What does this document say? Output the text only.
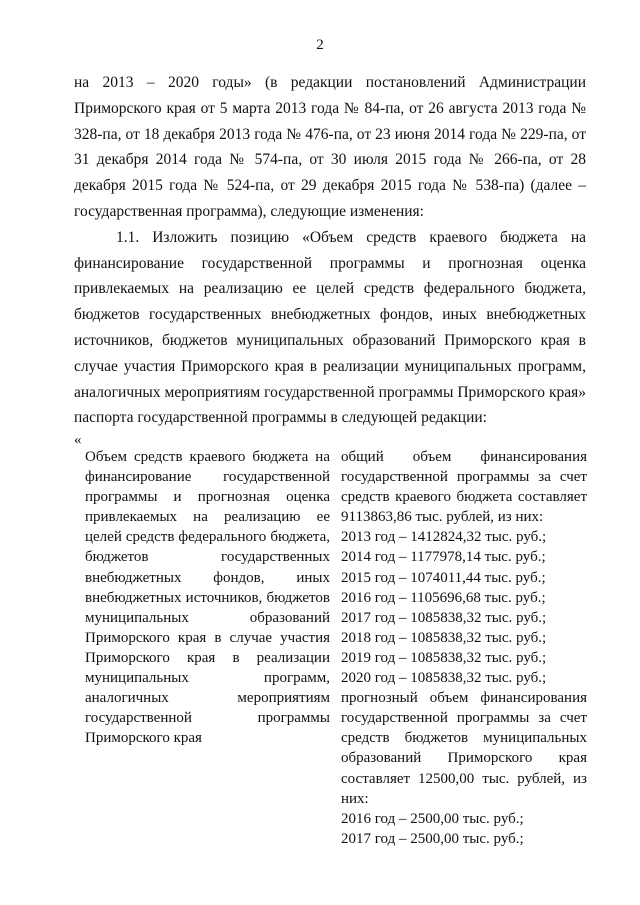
2

на 2013 – 2020 годы» (в редакции постановлений Администрации Приморского края от 5 марта 2013 года № 84-па, от 26 августа 2013 года № 328-па, от 18 декабря 2013 года № 476-па, от 23 июня 2014 года № 229-па, от 31 декабря 2014 года № 574-па, от 30 июля 2015 года № 266-па, от 28 декабря 2015 года № 524-па, от 29 декабря 2015 года № 538-па) (далее – государственная программа), следующие изменения:

1.1. Изложить позицию «Объем средств краевого бюджета на финансирование государственной программы и прогнозная оценка привлекаемых на реализацию ее целей средств федерального бюджета, бюджетов государственных внебюджетных фондов, иных внебюджетных источников, бюджетов муниципальных образований Приморского края в случае участия Приморского края в реализации муниципальных программ, аналогичных мероприятиям государственной программы Приморского края» паспорта государственной программы в следующей редакции:

«
Объем средств краевого бюджета на финансирование государственной программы и прогнозная оценка привлекаемых на реализацию ее целей средств федерального бюджета, бюджетов государственных внебюджетных фондов, иных внебюджетных источников, бюджетов муниципальных образований Приморского края в случае участия Приморского края в реализации муниципальных программ, аналогичных мероприятиям государственной программы Приморского края
общий объем финансирования государственной программы за счет средств краевого бюджета составляет 9113863,86 тыс. рублей, из них:
2013 год – 1412824,32 тыс. руб.;
2014 год – 1177978,14 тыс. руб.;
2015 год – 1074011,44 тыс. руб.;
2016 год – 1105696,68 тыс. руб.;
2017 год – 1085838,32 тыс. руб.;
2018 год – 1085838,32 тыс. руб.;
2019 год – 1085838,32 тыс. руб.;
2020 год – 1085838,32 тыс. руб.;
прогнозный объем финансирования государственной программы за счет средств бюджетов муниципальных образований Приморского края составляет 12500,00 тыс. рублей, из них:
2016 год – 2500,00 тыс. руб.;
2017 год – 2500,00 тыс. руб.;
